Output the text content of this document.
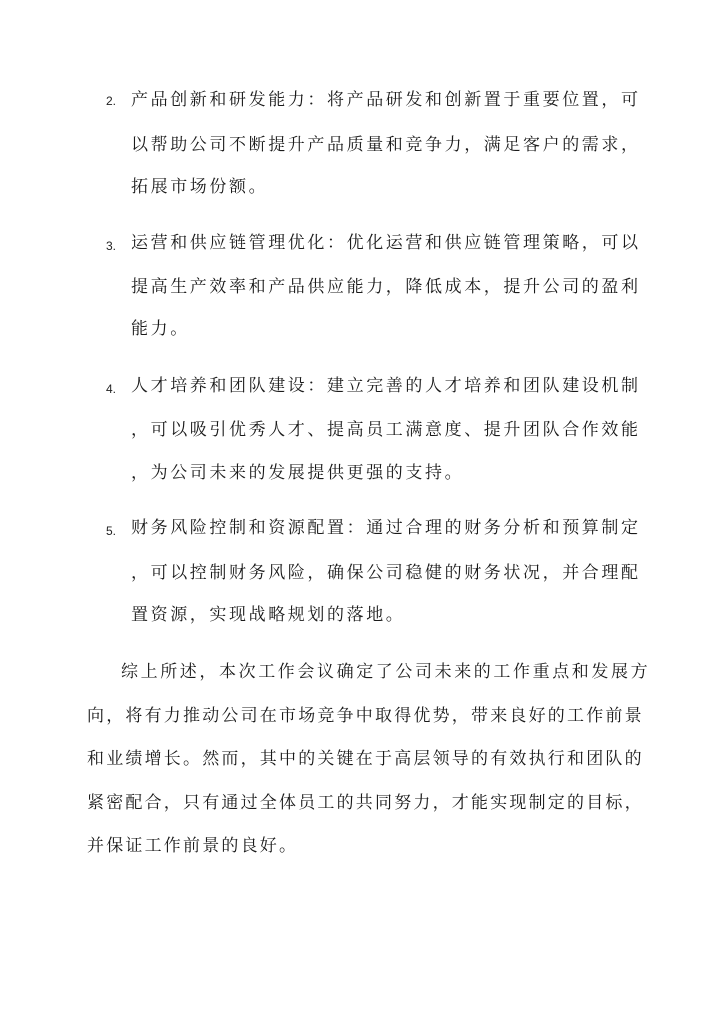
2. 产品创新和研发能力：将产品研发和创新置于重要位置，可
以帮助公司不断提升产品质量和竞争力，满足客户的需求，
拓展市场份额。
3. 运营和供应链管理优化：优化运营和供应链管理策略，可以
提高生产效率和产品供应能力，降低成本，提升公司的盈利
能力。
4. 人才培养和团队建设：建立完善的人才培养和团队建设机制
，可以吸引优秀人才、提高员工满意度、提升团队合作效能
，为公司未来的发展提供更强的支持。
5. 财务风险控制和资源配置：通过合理的财务分析和预算制定
，可以控制财务风险，确保公司稳健的财务状况，并合理配
置资源，实现战略规划的落地。
综上所述，本次工作会议确定了公司未来的工作重点和发展方
向，将有力推动公司在市场竞争中取得优势，带来良好的工作前景
和业绩增长。然而，其中的关键在于高层领导的有效执行和团队的
紧密配合，只有通过全体员工的共同努力，才能实现制定的目标，
并保证工作前景的良好。
